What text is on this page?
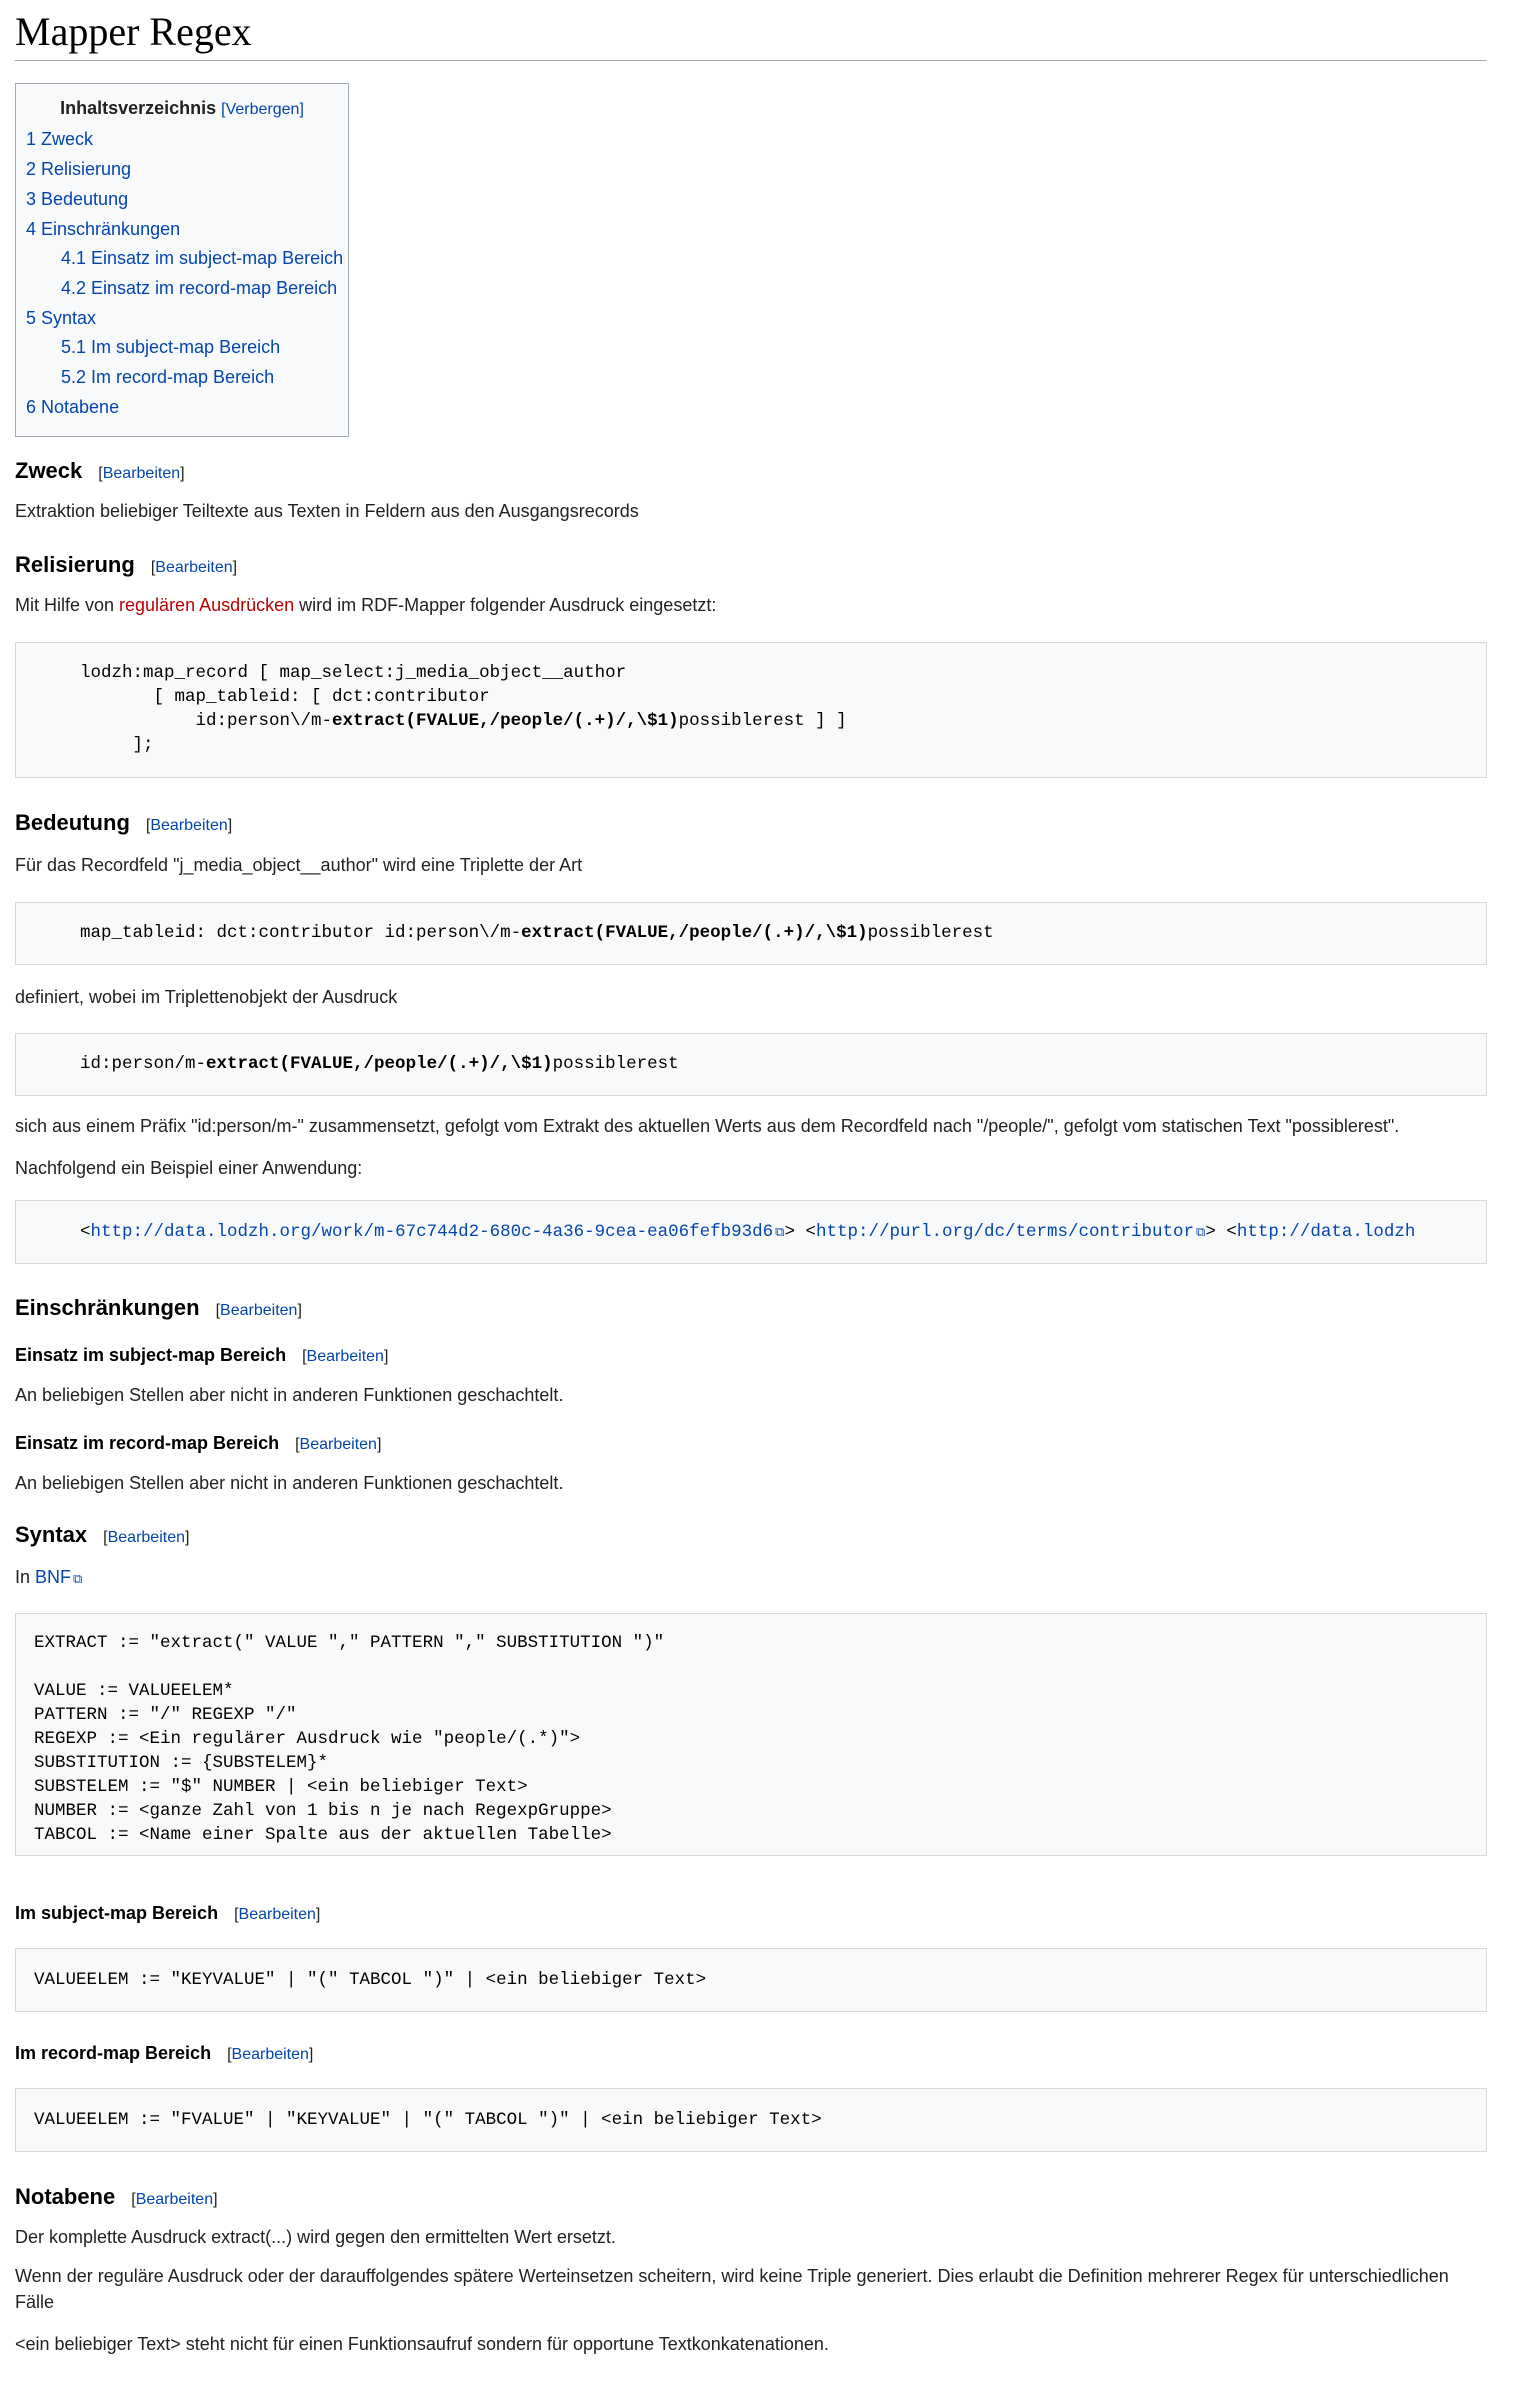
Mapper Regex
Inhaltsverzeichnis [Verbergen]
1 Zweck
2 Relisierung
3 Bedeutung
4 Einschränkungen
4.1 Einsatz im subject-map Bereich
4.2 Einsatz im record-map Bereich
5 Syntax
5.1 Im subject-map Bereich
5.2 Im record-map Bereich
6 Notabene
Zweck [Bearbeiten]
Extraktion beliebiger Teiltexte aus Texten in Feldern aus den Ausgangsrecords
Relisierung [Bearbeiten]
Mit Hilfe von regulären Ausdrücken wird im RDF-Mapper folgender Ausdruck eingesetzt:

lodzh:map_record [ map_select:j_media_object__author

[ map_tableid: [ dct:contributor

id:person\/m-extract(FVALUE,/people/(.+)/,\$1)possiblerest ] ]

];

Bedeutung [Bearbeiten]
Für das Recordfeld "j_media_object__author" wird eine Triplette der Art

map_tableid: dct:contributor id:person\/m-extract(FVALUE,/people/(.+)/,\$1)possiblerest

definiert, wobei im Triplettenobjekt der Ausdruck

id:person/m-extract(FVALUE,/people/(.+)/,\$1)possiblerest

sich aus einem Präfix "id:person/m-" zusammensetzt, gefolgt vom Extrakt des aktuellen Werts aus dem Recordfeld nach "/people/", gefolgt vom statischen Text "possiblerest".
Nachfolgend ein Beispiel einer Anwendung:

<http://data.lodzh.org/work/m-67c744d2-680c-4a36-9cea-ea06fefb93d6 ⧉> <http://purl.org/dc/terms/contributor ⧉> <http://data.lodzh

Einschränkungen [Bearbeiten]
Einsatz im subject-map Bereich [Bearbeiten]
An beliebigen Stellen aber nicht in anderen Funktionen geschachtelt.
Einsatz im record-map Bereich [Bearbeiten]
An beliebigen Stellen aber nicht in anderen Funktionen geschachtelt.
Syntax [Bearbeiten]
In BNF ⧉

EXTRACT := "extract(" VALUE "," PATTERN "," SUBSTITUTION ")"

VALUE := VALUEELEM*

PATTERN := "/" REGEXP "/"

REGEXP := <Ein regulärer Ausdruck wie "people/(.*)">

SUBSTITUTION := {SUBSTELEM}*

SUBSTELEM := "$" NUMBER | <ein beliebiger Text>

NUMBER := <ganze Zahl von 1 bis n je nach RegexpGruppe>

TABCOL := <Name einer Spalte aus der aktuellen Tabelle>

Im subject-map Bereich [Bearbeiten]

VALUEELEM := "KEYVALUE" | "(" TABCOL ")" | <ein beliebiger Text>

Im record-map Bereich [Bearbeiten]

VALUEELEM := "FVALUE" | "KEYVALUE" | "(" TABCOL ")" | <ein beliebiger Text>

Notabene [Bearbeiten]
Der komplette Ausdruck extract(...) wird gegen den ermittelten Wert ersetzt.
Wenn der reguläre Ausdruck oder der darauffolgendes spätere Werteinsetzen scheitern, wird keine Triple generiert. Dies erlaubt die Definition mehrerer Regex für unterschiedlichen Fälle
<ein beliebiger Text> steht nicht für einen Funktionsaufruf sondern für opportune Textkonkatenationen.
